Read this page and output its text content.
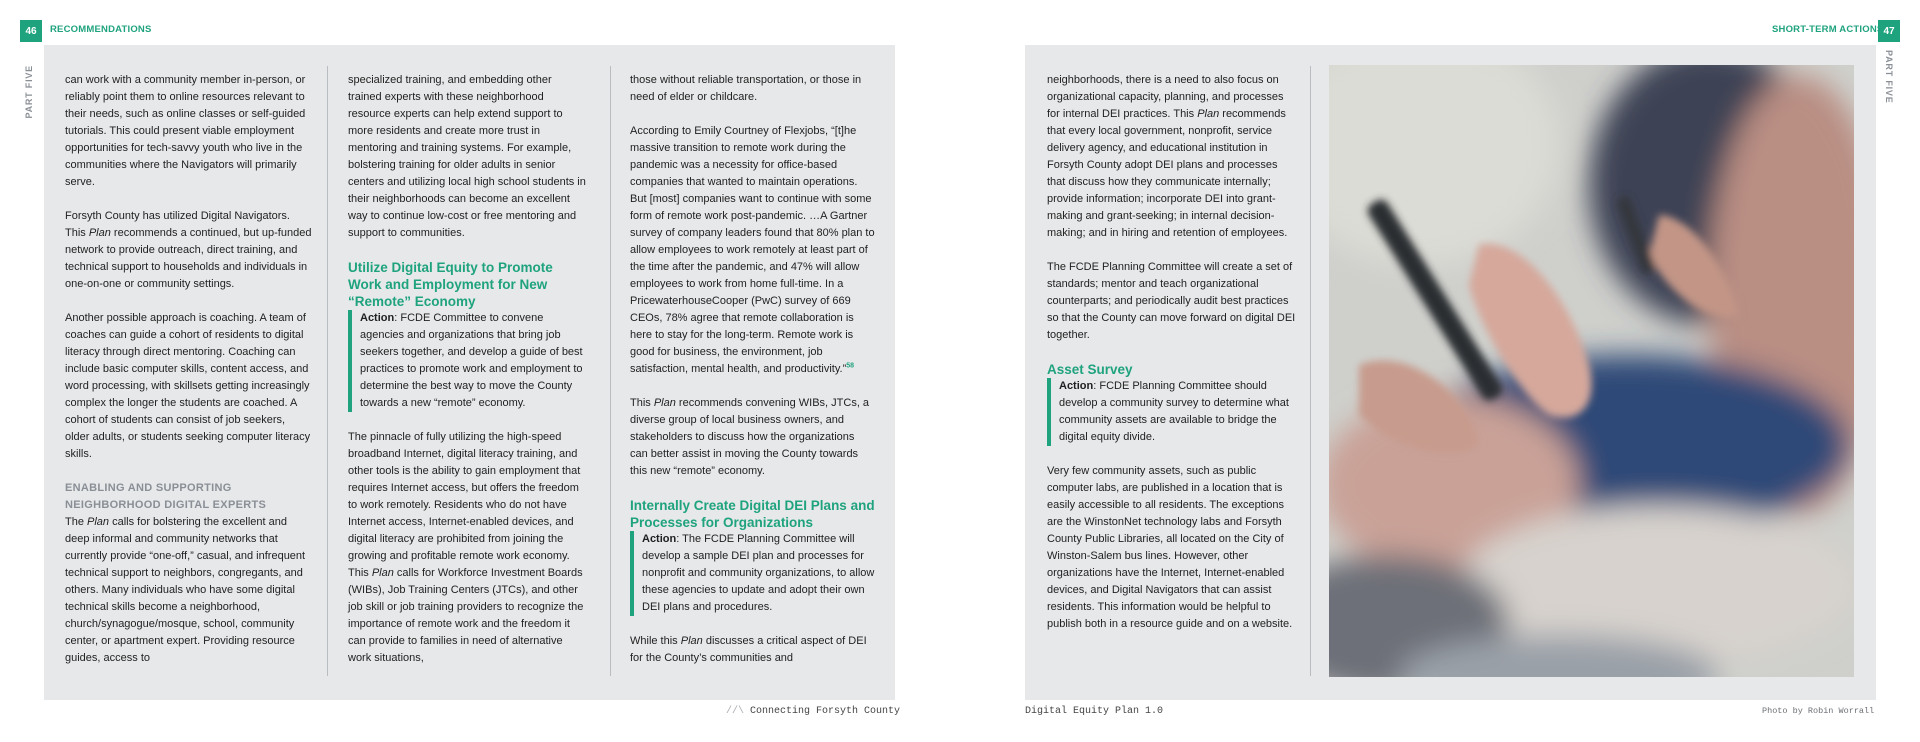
46	RECOMMENDATIONS
PART FIVE	can work with a community member in-person, or reliably point them to online resources relevant to their needs, such as online classes or self-guided tutorials. This could present viable employment opportunities for tech-savvy youth who live in the communities where the Navigators will primarily serve.

Forsyth County has utilized Digital Navigators. This Plan recommends a continued, but up-funded network to provide outreach, direct training, and technical support to households and individuals in one-on-one or community settings.

Another possible approach is coaching. A team of coaches can guide a cohort of residents to digital literacy through direct mentoring. Coaching can include basic computer skills, content access, and word processing, with skillsets getting increasingly complex the longer the students are coached. A cohort of students can consist of job seekers, older adults, or students seeking computer literacy skills.

ENABLING AND SUPPORTING NEIGHBORHOOD DIGITAL EXPERTS

The Plan calls for bolstering the excellent and deep informal and community networks that currently provide “one-off,” casual, and infrequent technical support to neighbors, congregants, and others. Many individuals who have some digital technical skills become a neighborhood, church/synagogue/mosque, school, community center, or apartment expert. Providing resource guides, access to

specialized training, and embedding other trained experts with these neighborhood resource experts can help extend support to more residents and create more trust in mentoring and training systems. For example, bolstering training for older adults in senior centers and utilizing local high school students in their neighborhoods can become an excellent way to continue low-cost or free mentoring and support to communities.

Utilize Digital Equity to Promote Work and Employment for New “Remote” Economy
Action: FCDE Committee to convene agencies and organizations that bring job seekers together, and develop a guide of best practices to promote work and employment to determine the best way to move the County towards a new “remote” economy.

The pinnacle of fully utilizing the high-speed broadband Internet, digital literacy training, and other tools is the ability to gain employment that requires Internet access, but offers the freedom to work remotely. Residents who do not have Internet access, Internet-enabled devices, and digital literacy are prohibited from joining the growing and profitable remote work economy. This Plan calls for Workforce Investment Boards (WIBs), Job Training Centers (JTCs), and other job skill or job training providers to recognize the importance of remote work and the freedom it can provide to families in need of alternative work situations,

those without reliable transportation, or those in need of elder or childcare.

According to Emily Courtney of Flexjobs, “[t]he massive transition to remote work during the pandemic was a necessity for office-based companies that wanted to maintain operations. But [most] companies want to continue with some form of remote work post-pandemic. …A Gartner survey of company leaders found that 80% plan to allow employees to work remotely at least part of the time after the pandemic, and 47% will allow employees to work from home full-time. In a PricewaterhouseCooper (PwC) survey of 669 CEOs, 78% agree that remote collaboration is here to stay for the long-term. Remote work is good for business, the environment, job satisfaction, mental health, and productivity.”$^{58}$

This Plan recommends convening WIBs, JTCs, a diverse group of local business owners, and stakeholders to discuss how the organizations can better assist in moving the County towards this new “remote” economy.

Internally Create Digital DEI Plans and Processes for Organizations
Action: The FCDE Planning Committee will develop a sample DEI plan and processes for nonprofit and community organizations, to allow these agencies to update and adopt their own DEI plans and procedures.

While this Plan discusses a critical aspect of DEI for the County’s communities and

//\ Connecting Forsyth County

neighborhoods, there is a need to also focus on organizational capacity, planning, and processes for internal DEI practices. This Plan recommends that every local government, nonprofit, service delivery agency, and educational institution in Forsyth County adopt DEI plans and processes that discuss how they communicate internally; provide information; incorporate DEI into grant-making and grant-seeking; in internal decision-making; and in hiring and retention of employees.

The FCDE Planning Committee will create a set of standards; mentor and teach organizational counterparts; and periodically audit best practices so that the County can move forward on digital DEI together.

Asset Survey
Action: FCDE Planning Committee should develop a community survey to determine what community assets are available to bridge the digital equity divide.

Very few community assets, such as public computer labs, are published in a location that is easily accessible to all residents. The exceptions are the WinstonNet technology labs and Forsyth County Public Libraries, all located on the City of Winston-Salem bus lines. However, other organizations have the Internet, Internet-enabled devices, and Digital Navigators that can assist residents. This information would be helpful to publish both in a resource guide and on a website.

47
SHORT-TERM ACTIONS
PART FIVE
Digital Equity Plan 1.0	Photo by Robin Worrall
